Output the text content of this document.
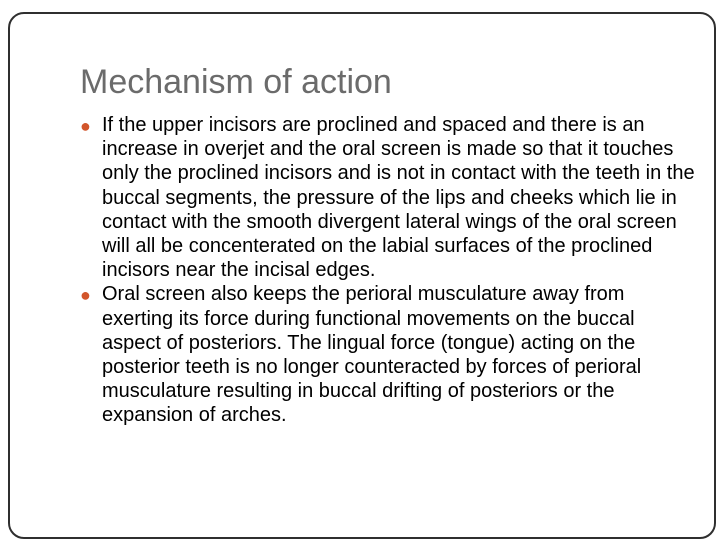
Mechanism of action
● If the upper incisors are proclined and spaced and there is an increase in overjet and the oral screen is made so that it touches only the proclined incisors and is not in contact with the teeth in the buccal segments, the pressure of the lips and cheeks which lie in contact with the smooth divergent lateral wings of the oral screen will all be concenterated on the labial surfaces of the proclined incisors near the incisal edges.
● Oral screen also keeps the perioral musculature away from exerting its force during functional movements on the buccal aspect of posteriors. The lingual force (tongue) acting on the posterior teeth is no longer counteracted by forces of perioral musculature resulting in buccal drifting of posteriors or the expansion of arches.
